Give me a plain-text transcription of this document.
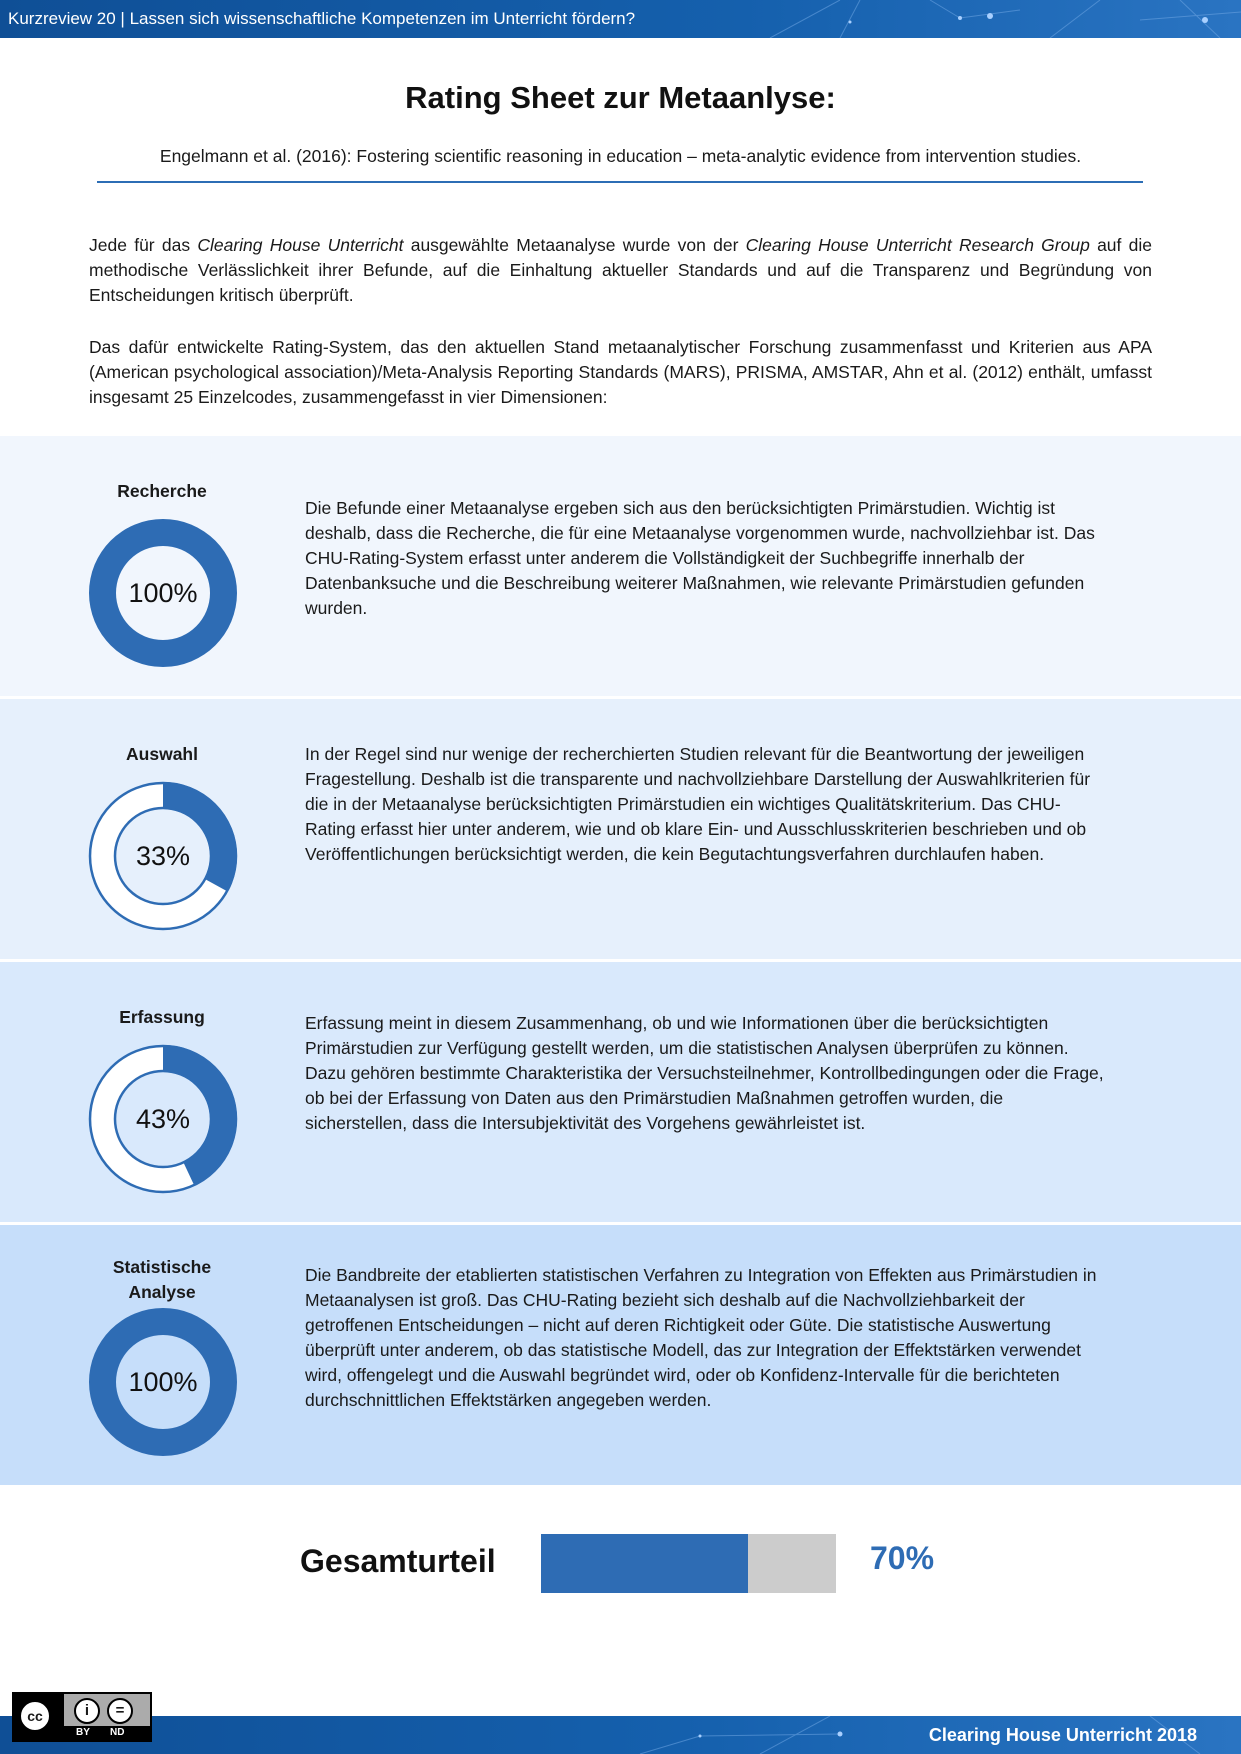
Kurzreview 20 | Lassen sich wissenschaftliche Kompetenzen im Unterricht fördern?
Rating Sheet zur Metaanlyse:
Engelmann et al. (2016): Fostering scientific reasoning in education – meta-analytic evidence from intervention studies.
Jede für das Clearing House Unterricht ausgewählte Metaanalyse wurde von der Clearing House Unterricht Research Group auf die methodische Verlässlichkeit ihrer Befunde, auf die Einhaltung aktueller Standards und auf die Transparenz und Begründung von Entscheidungen kritisch überprüft.
Das dafür entwickelte Rating-System, das den aktuellen Stand metaanalytischer Forschung zusammenfasst und Kriterien aus APA (American psychological association)/Meta-Analysis Reporting Standards (MARS), PRISMA, AMSTAR, Ahn et al. (2012) enthält, umfasst insgesamt 25 Einzelcodes, zusammengefasst in vier Dimensionen:
Recherche
100%
Die Befunde einer Metaanalyse ergeben sich aus den berücksichtigten Primärstudien. Wichtig ist deshalb, dass die Recherche, die für eine Metaanalyse vorgenommen wurde, nachvollziehbar ist. Das CHU-Rating-System erfasst unter anderem die Vollständigkeit der Suchbegriffe innerhalb der Datenbanksuche und die Beschreibung weiterer Maßnahmen, wie relevante Primärstudien gefunden wurden.
Auswahl
33%
In der Regel sind nur wenige der recherchierten Studien relevant für die Beantwortung der jeweiligen Fragestellung. Deshalb ist die transparente und nachvollziehbare Darstellung der Auswahlkriterien für die in der Metaanalyse berücksichtigten Primärstudien ein wichtiges Qualitätskriterium. Das CHU-Rating erfasst hier unter anderem, wie und ob klare Ein- und Ausschlusskriterien beschrieben und ob Veröffentlichungen berücksichtigt werden, die kein Begutachtungsverfahren durchlaufen haben.
Erfassung
43%
Erfassung meint in diesem Zusammenhang, ob und wie Informationen über die berücksichtigten Primärstudien zur Verfügung gestellt werden, um die statistischen Analysen überprüfen zu können. Dazu gehören bestimmte Charakteristika der Versuchsteilnehmer, Kontrollbedingungen oder die Frage, ob bei der Erfassung von Daten aus den Primärstudien Maßnahmen getroffen wurden, die sicherstellen, dass die Intersubjektivität des Vorgehens gewährleistet ist.
Statistische Analyse
100%
Die Bandbreite der etablierten statistischen Verfahren zu Integration von Effekten aus Primärstudien in Metaanalysen ist groß. Das CHU-Rating bezieht sich deshalb auf die Nachvollziehbarkeit der getroffenen Entscheidungen – nicht auf deren Richtigkeit oder Güte. Die statistische Auswertung überprüft unter anderem, ob das statistische Modell, das zur Integration der Effektstärken verwendet wird, offengelegt und die Auswahl begründet wird, oder ob Konfidenz-Intervalle für die berichteten durchschnittlichen Effektstärken angegeben werden.
Gesamturteil	70%
Clearing House Unterricht 2018
cc	i	=
BY ND
